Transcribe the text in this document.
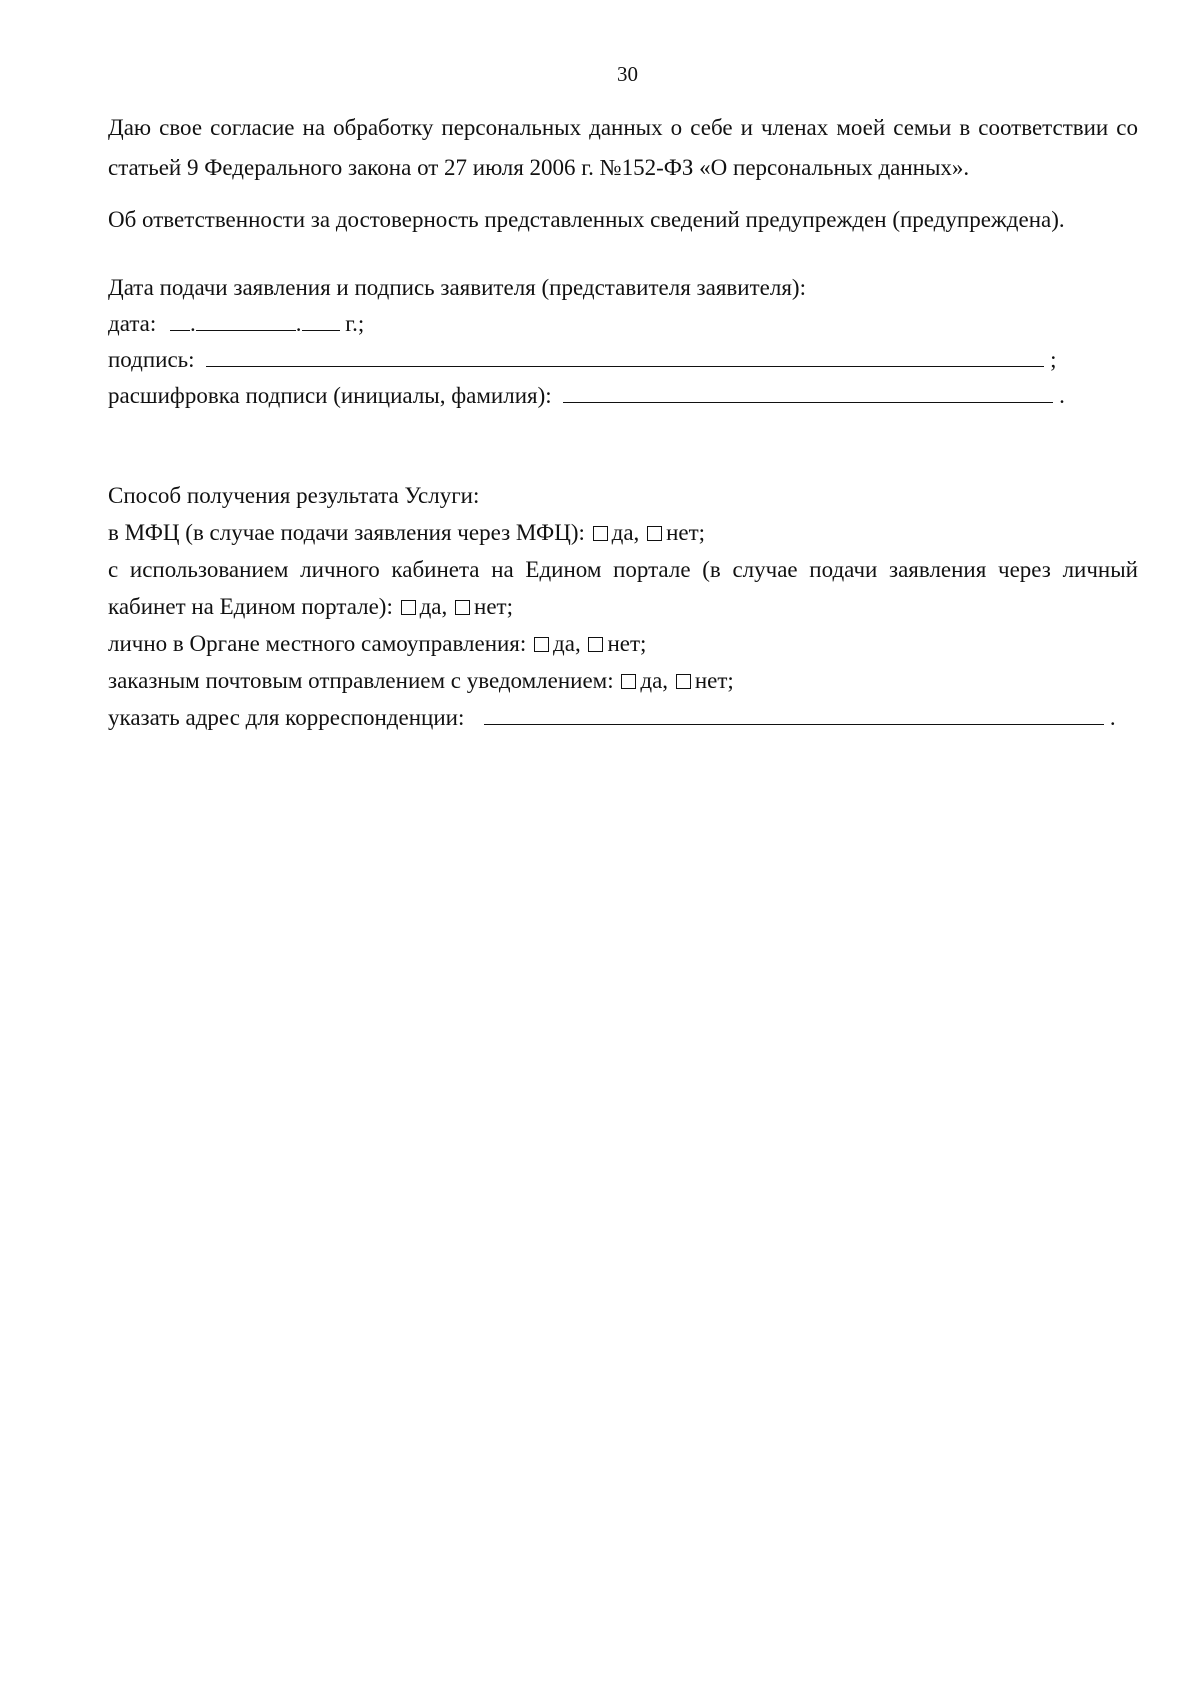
30
Даю свое согласие на обработку персональных данных о себе и членах моей семьи в соответствии со статьей 9 Федерального закона от 27 июля 2006 г. №152-ФЗ «О персональных данных».
Об ответственности за достоверность представленных сведений предупрежден (предупреждена).
Дата подачи заявления и подпись заявителя (представителя заявителя):
дата: .	. г.;
подпись:	;
расшифровка подписи (инициалы, фамилия):	.
Способ получения результата Услуги:
в МФЦ (в случае подачи заявления через МФЦ): да, нет;
с использованием личного кабинета на Едином портале (в случае подачи заявления через личный кабинет на Едином портале): да, нет;
лично в Органе местного самоуправления: да, нет;
заказным почтовым отправлением с уведомлением: да, нет;
указать адрес для корреспонденции:	.
